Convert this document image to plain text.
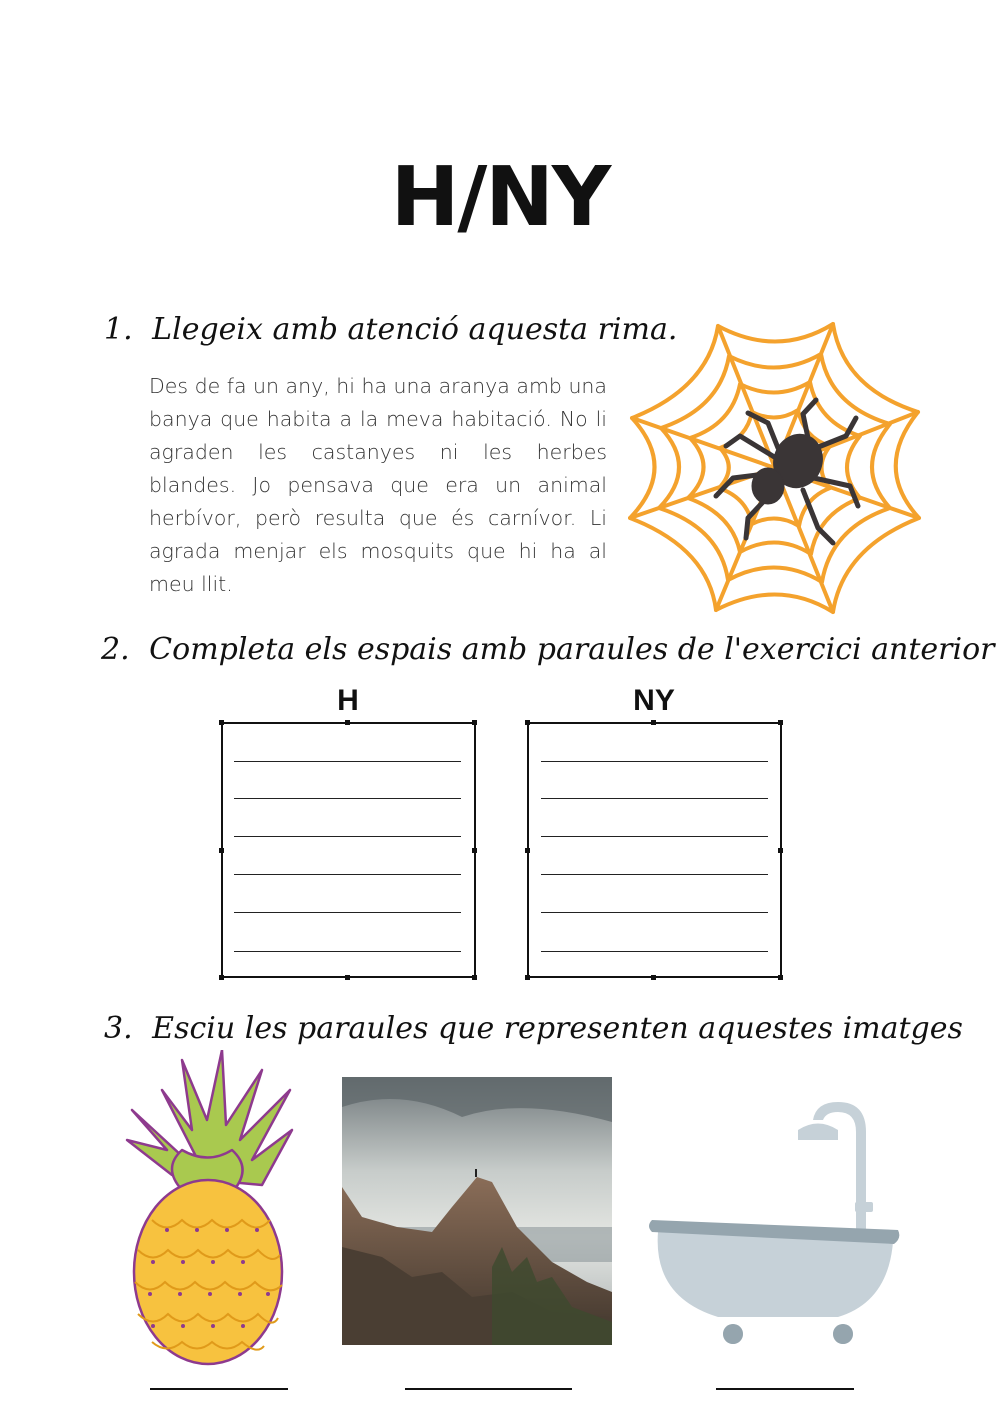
H/NY
1. Llegeix amb atenció aquesta rima.
Des de fa un any, hi ha una aranya amb una banya que habita a la meva habitació. No li agraden les castanyes ni les herbes blandes. Jo pensava que era un animal herbívor, però resulta que és carnívor. Li agrada menjar els mosquits que hi ha al meu llit.
2. Completa els espais amb paraules de l'exercici anterior
H	NY
3. Esciu les paraules que representen aquestes imatges
